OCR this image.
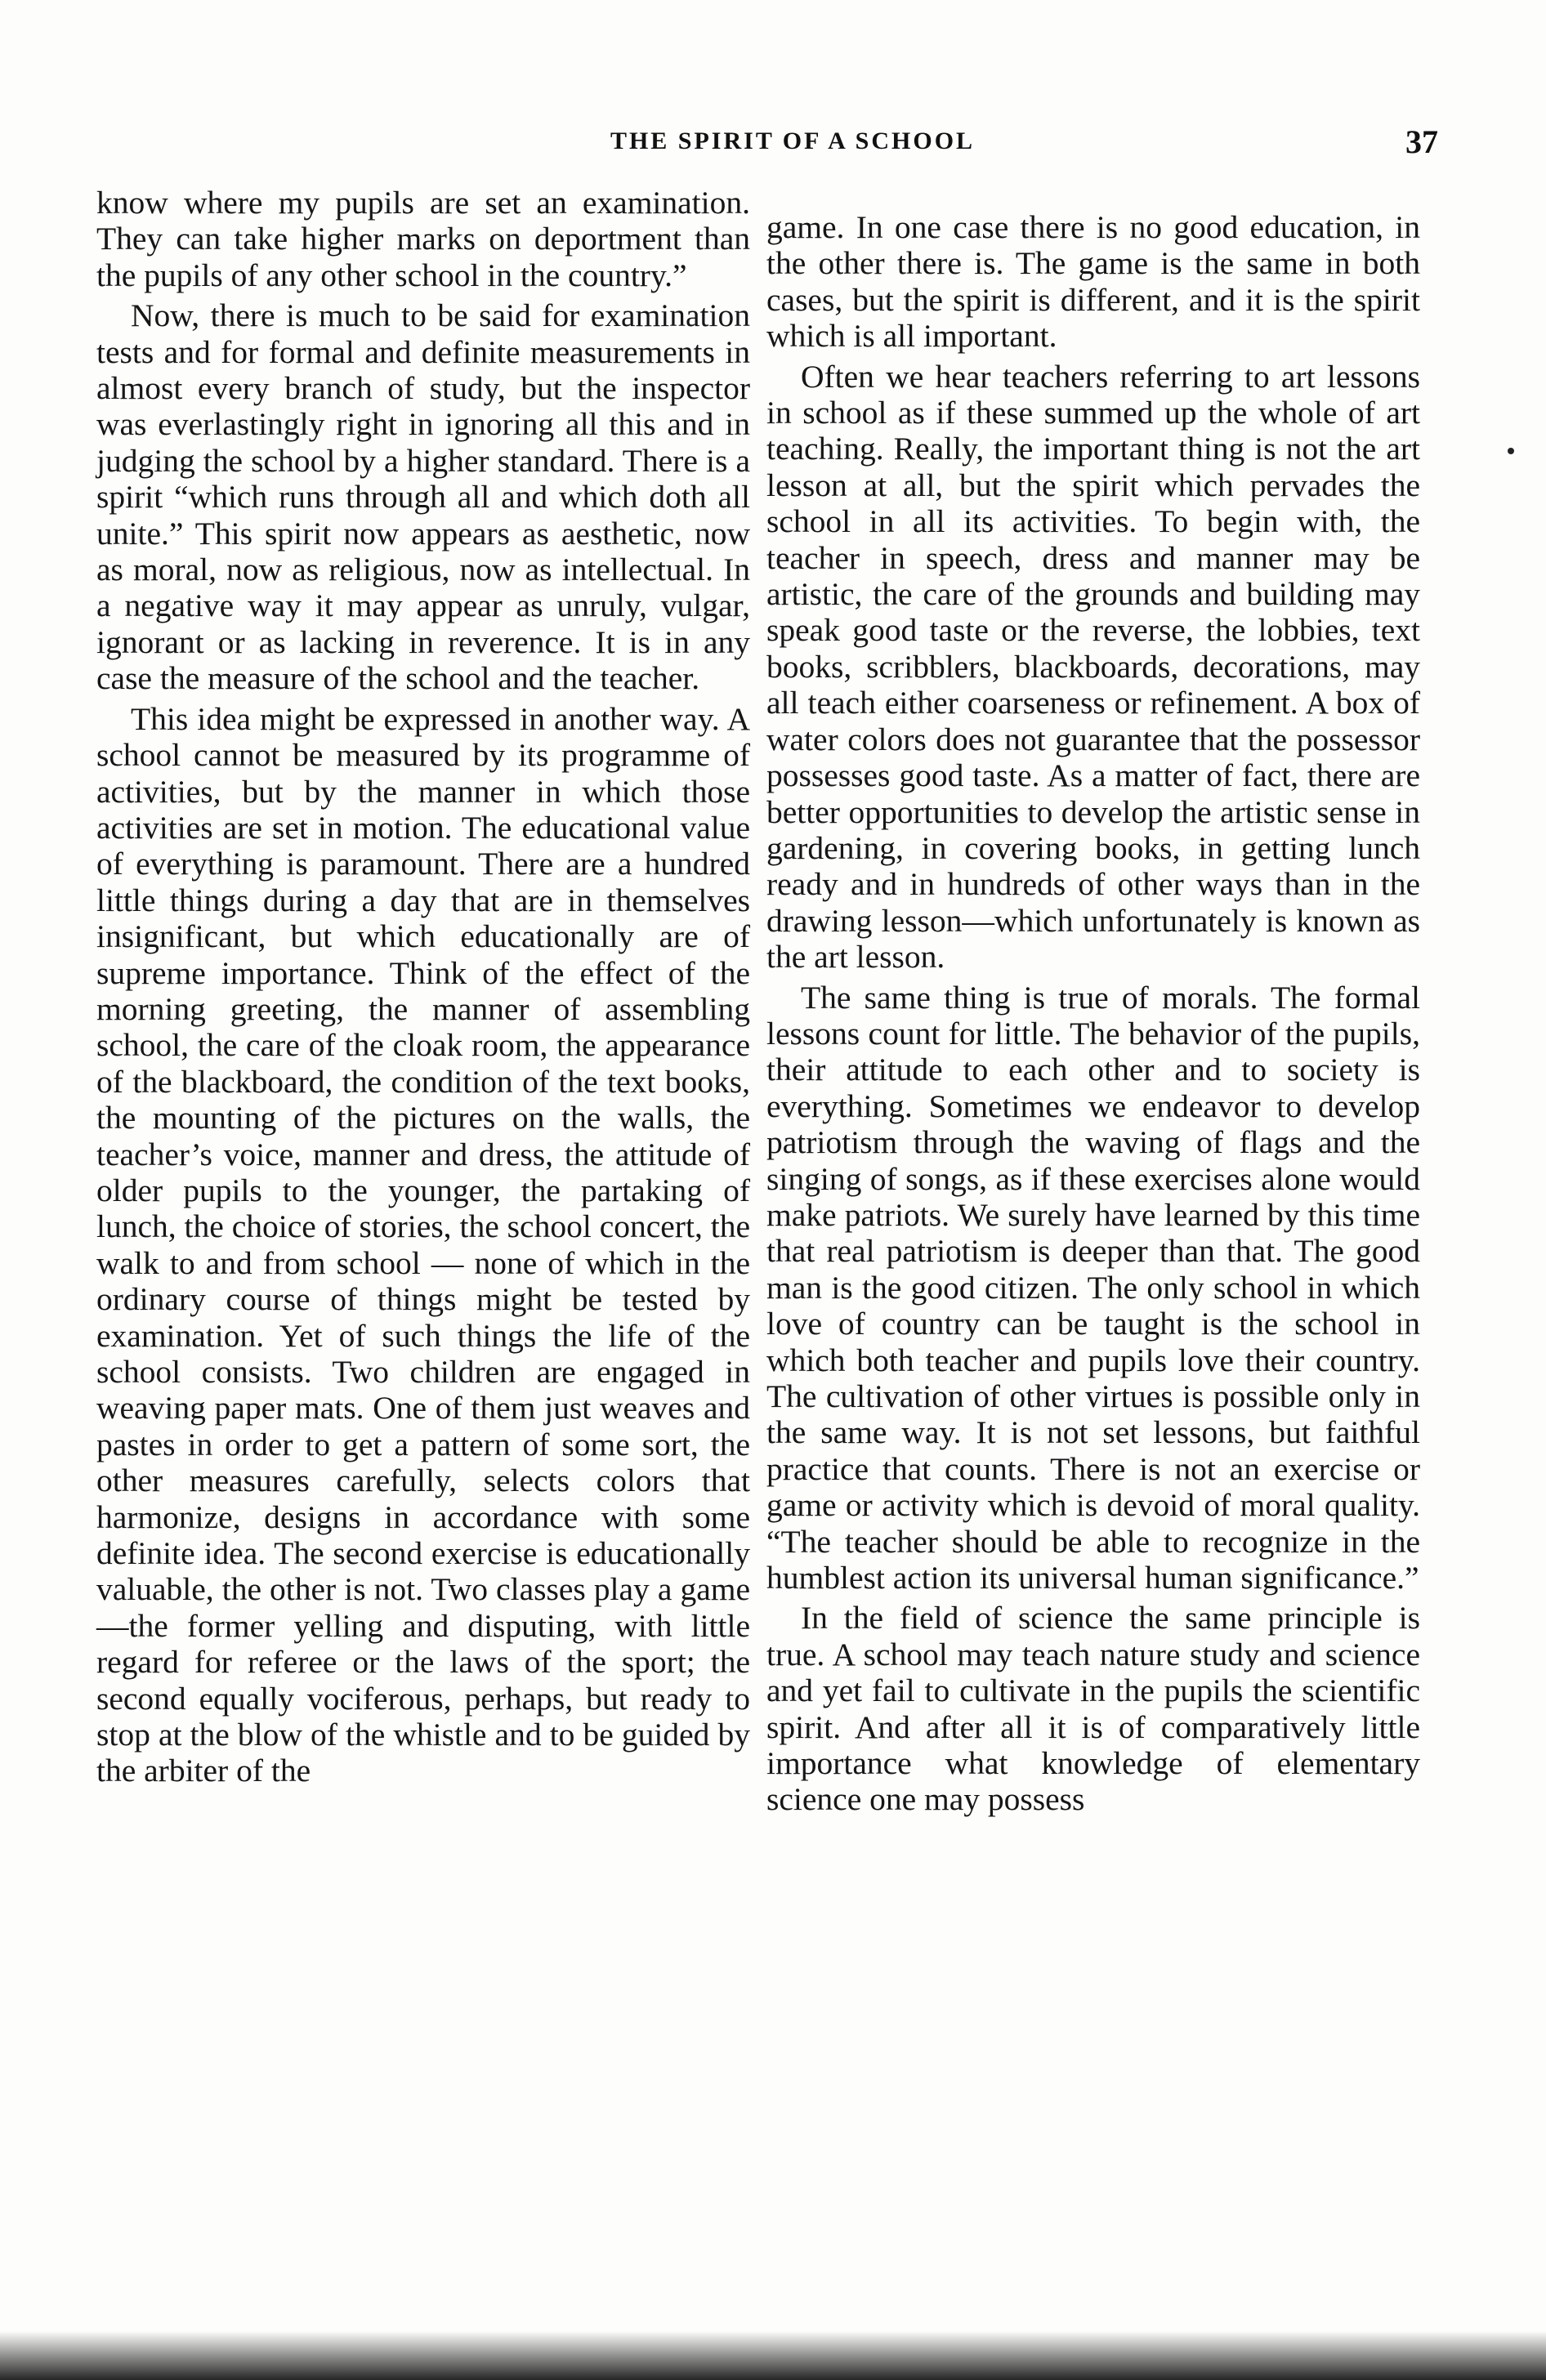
THE SPIRIT OF A SCHOOL	37

know where my pupils are set an examination. They can take higher marks on deportment than the pupils of any other school in the country.”

Now, there is much to be said for examination tests and for formal and definite measurements in almost every branch of study, but the inspector was everlastingly right in ignoring all this and in judging the school by a higher standard. There is a spirit “which runs through all and which doth all unite.” This spirit now appears as aesthetic, now as moral, now as religious, now as intellectual. In a negative way it may appear as unruly, vulgar, ignorant or as lacking in reverence. It is in any case the measure of the school and the teacher.

This idea might be expressed in another way. A school cannot be measured by its programme of activities, but by the manner in which those activities are set in motion. The educational value of everything is paramount. There are a hundred little things during a day that are in themselves insignificant, but which educationally are of supreme importance. Think of the effect of the morning greeting, the manner of assembling school, the care of the cloak room, the appearance of the blackboard, the condition of the text books, the mounting of the pictures on the walls, the teacher’s voice, manner and dress, the attitude of older pupils to the younger, the partaking of lunch, the choice of stories, the school concert, the walk to and from school — none of which in the ordinary course of things might be tested by examination. Yet of such things the life of the school consists. Two children are engaged in weaving paper mats. One of them just weaves and pastes in order to get a pattern of some sort, the other measures carefully, selects colors that harmonize, designs in accordance with some definite idea. The second exercise is educationally valuable, the other is not. Two classes play a game—the former yelling and disputing, with little regard for referee or the laws of the sport; the second equally vociferous, perhaps, but ready to stop at the blow of the whistle and to be guided by the arbiter of the

game. In one case there is no good education, in the other there is. The game is the same in both cases, but the spirit is different, and it is the spirit which is all important.

Often we hear teachers referring to art lessons in school as if these summed up the whole of art teaching. Really, the important thing is not the art lesson at all, but the spirit which pervades the school in all its activities. To begin with, the teacher in speech, dress and manner may be artistic, the care of the grounds and building may speak good taste or the reverse, the lobbies, text books, scribblers, blackboards, decorations, may all teach either coarseness or refinement. A box of water colors does not guarantee that the possessor possesses good taste. As a matter of fact, there are better opportunities to develop the artistic sense in gardening, in covering books, in getting lunch ready and in hundreds of other ways than in the drawing lesson—which unfortunately is known as the art lesson.

The same thing is true of morals. The formal lessons count for little. The behavior of the pupils, their attitude to each other and to society is everything. Sometimes we endeavor to develop patriotism through the waving of flags and the singing of songs, as if these exercises alone would make patriots. We surely have learned by this time that real patriotism is deeper than that. The good man is the good citizen. The only school in which love of country can be taught is the school in which both teacher and pupils love their country. The cultivation of other virtues is possible only in the same way. It is not set lessons, but faithful practice that counts. There is not an exercise or game or activity which is devoid of moral quality. “The teacher should be able to recognize in the humblest action its universal human significance.”

In the field of science the same principle is true. A school may teach nature study and science and yet fail to cultivate in the pupils the scientific spirit. And after all it is of comparatively little importance what knowledge of elementary science one may possess
